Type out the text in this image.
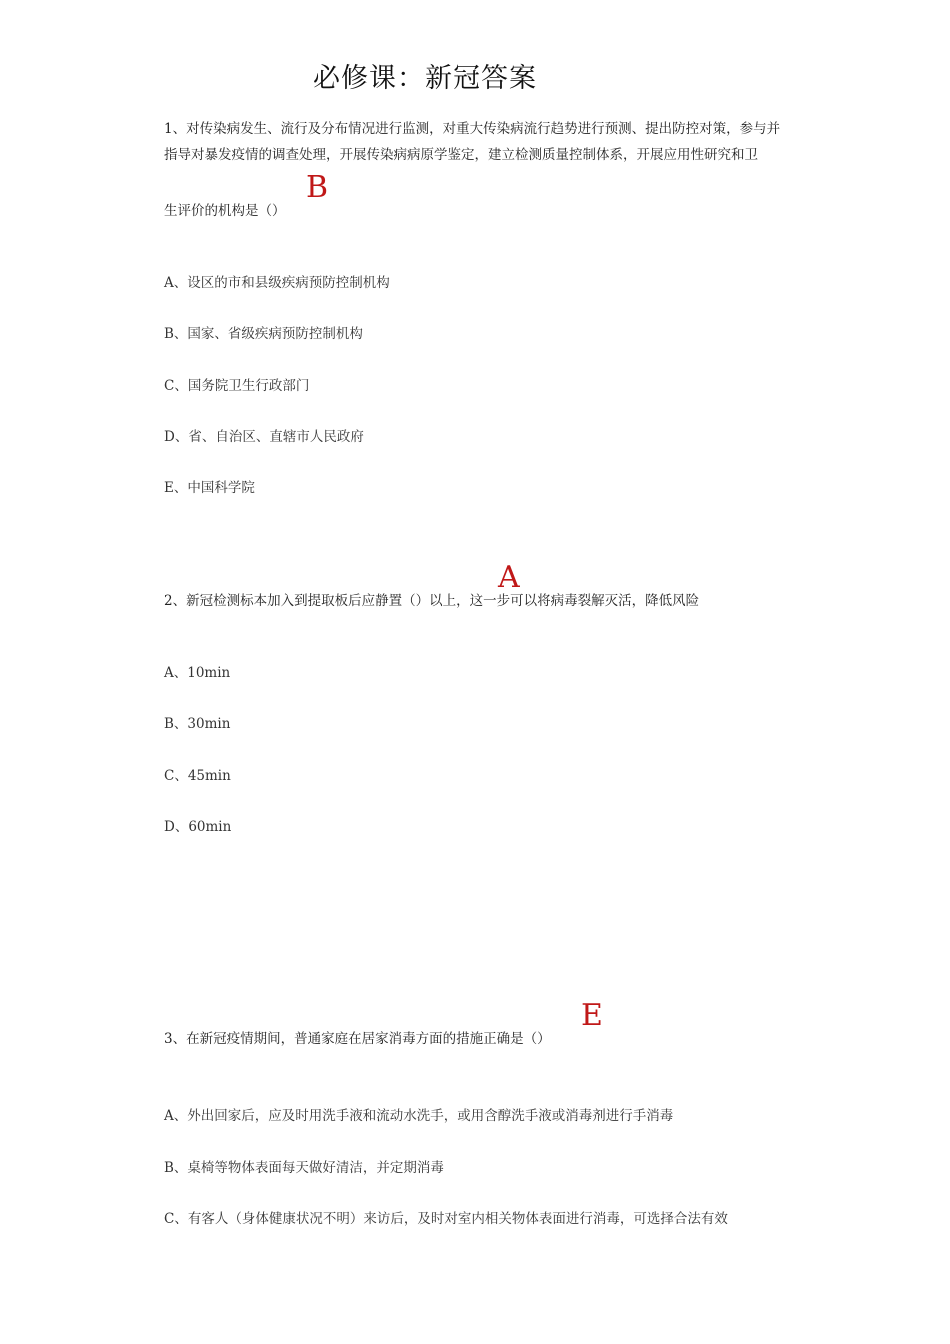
必修课：新冠答案
1、对传染病发生、流行及分布情况进行监测，对重大传染病流行趋势进行预测、提出防控对策，参与并
指导对暴发疫情的调查处理，开展传染病病原学鉴定，建立检测质量控制体系，开展应用性研究和卫
B
生评价的机构是（）
A、设区的市和县级疾病预防控制机构
B、国家、省级疾病预防控制机构
C、国务院卫生行政部门
D、省、自治区、直辖市人民政府
E、中国科学院
A
2、新冠检测标本加入到提取板后应静置（）以上，这一步可以将病毒裂解灭活，降低风险
A、10min
B、30min
C、45min
D、60min
E
3、在新冠疫情期间，普通家庭在居家消毒方面的措施正确是（）
A、外出回家后，应及时用洗手液和流动水洗手，或用含醇洗手液或消毒剂进行手消毒
B、桌椅等物体表面每天做好清洁，并定期消毒
C、有客人（身体健康状况不明）来访后，及时对室内相关物体表面进行消毒，可选择合法有效
